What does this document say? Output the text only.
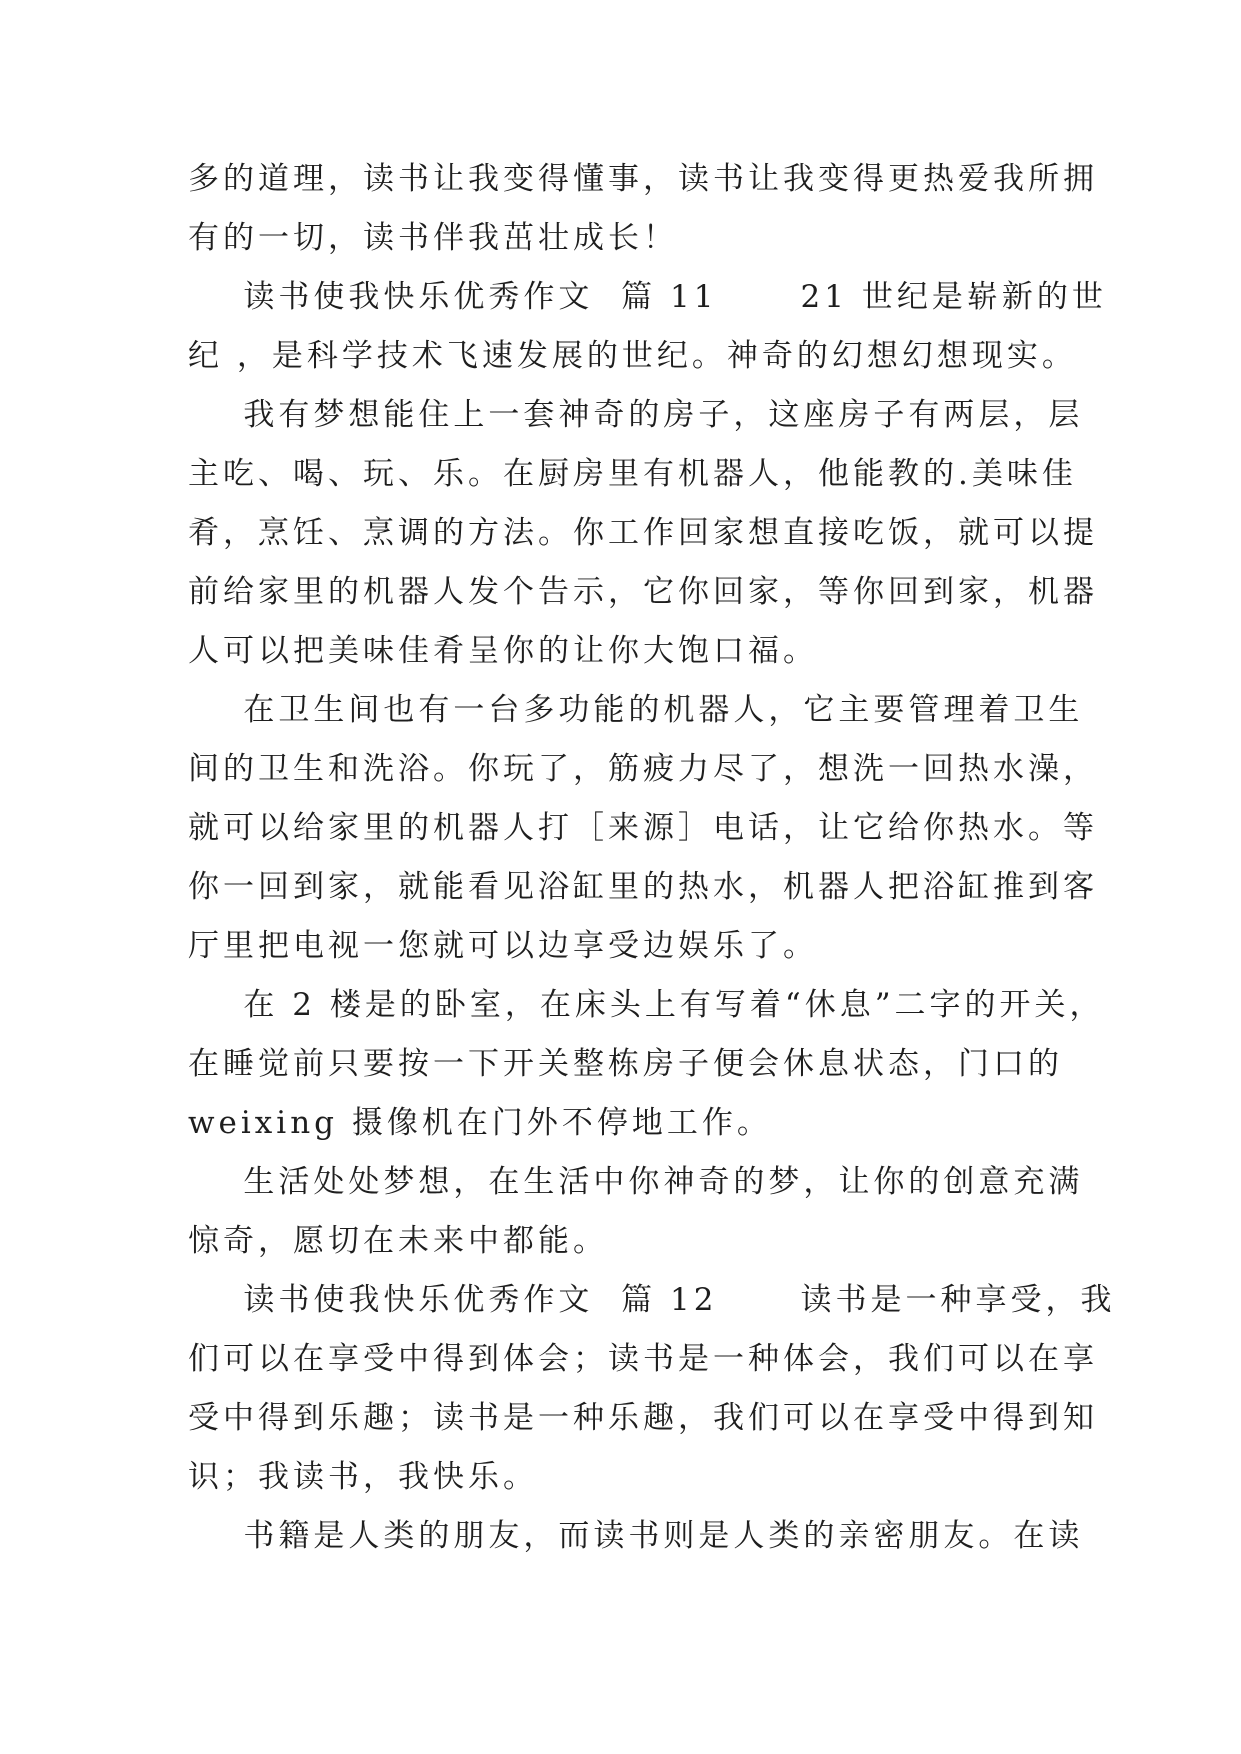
多的道理，读书让我变得懂事，读书让我变得更热爱我所拥
有的一切，读书伴我茁壮成长！
读书使我快乐优秀作文  篇 11      21 世纪是崭新的世
纪 ，是科学技术飞速发展的世纪。神奇的幻想幻想现实。
我有梦想能住上一套神奇的房子，这座房子有两层，层
主吃、喝、玩、乐。在厨房里有机器人，他能教的.美味佳
肴，烹饪、烹调的方法。你工作回家想直接吃饭，就可以提
前给家里的机器人发个告示，它你回家，等你回到家，机器
人可以把美味佳肴呈你的让你大饱口福。
在卫生间也有一台多功能的机器人，它主要管理着卫生
间的卫生和洗浴。你玩了，筋疲力尽了，想洗一回热水澡，
就可以给家里的机器人打［来源］电话，让它给你热水。等
你一回到家，就能看见浴缸里的热水，机器人把浴缸推到客
厅里把电视一您就可以边享受边娱乐了。
在 2 楼是的卧室，在床头上有写着“休息”二字的开关，
在睡觉前只要按一下开关整栋房子便会休息状态，门口的
weixing 摄像机在门外不停地工作。
生活处处梦想，在生活中你神奇的梦，让你的创意充满
惊奇，愿切在未来中都能。
读书使我快乐优秀作文  篇 12      读书是一种享受，我
们可以在享受中得到体会；读书是一种体会，我们可以在享
受中得到乐趣；读书是一种乐趣，我们可以在享受中得到知
识；我读书，我快乐。
书籍是人类的朋友，而读书则是人类的亲密朋友。在读
